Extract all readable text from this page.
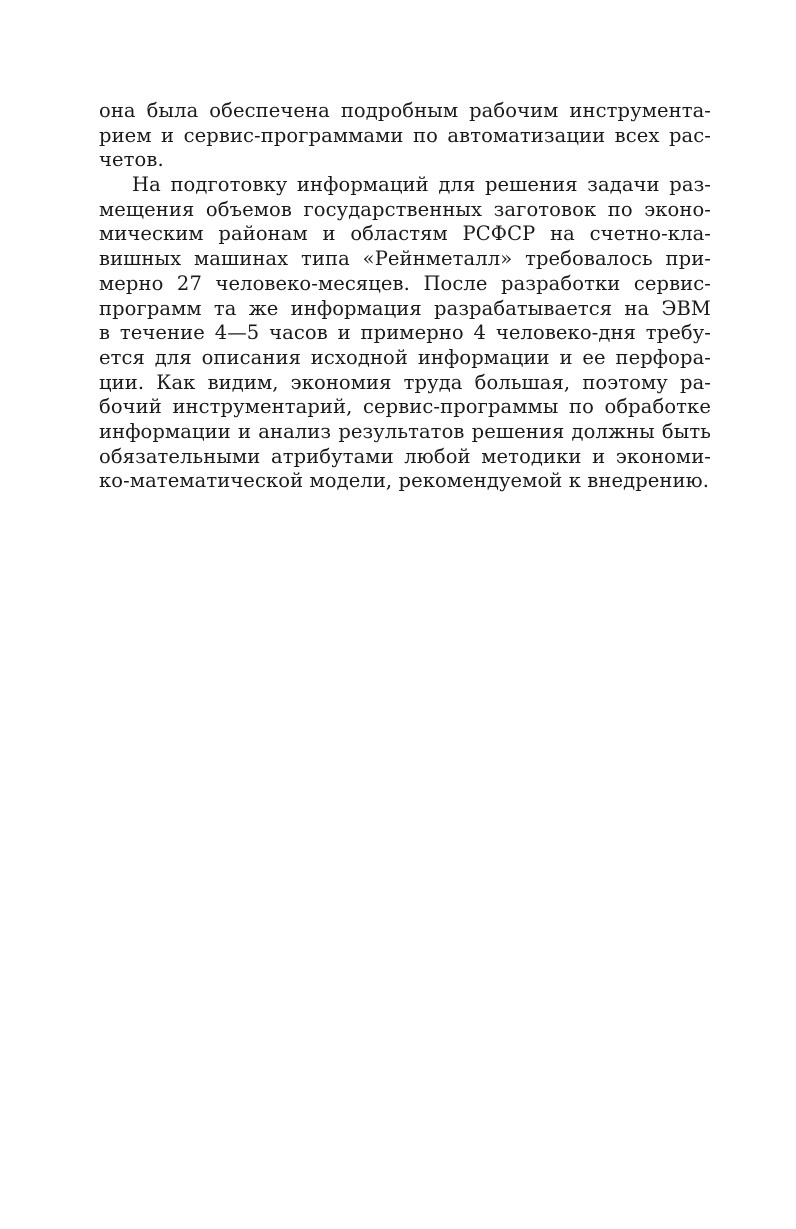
она была обеспечена подробным рабочим инструмента-
рием и сервис-программами по автоматизации всех рас-
четов.
На подготовку информаций для решения задачи раз-
мещения объемов государственных заготовок по эконо-
мическим районам и областям РСФСР на счетно-кла-
вишных машинах типа «Рейнметалл» требовалось при-
мерно 27 человеко-месяцев. После разработки сервис-
программ та же информация разрабатывается на ЭВМ
в течение 4—5 часов и примерно 4 человеко-дня требу-
ется для описания исходной информации и ее перфора-
ции. Как видим, экономия труда большая, поэтому ра-
бочий инструментарий, сервис-программы по обработке
информации и анализ результатов решения должны быть
обязательными атрибутами любой методики и экономи-
ко-математической модели, рекомендуемой к внедрению.
